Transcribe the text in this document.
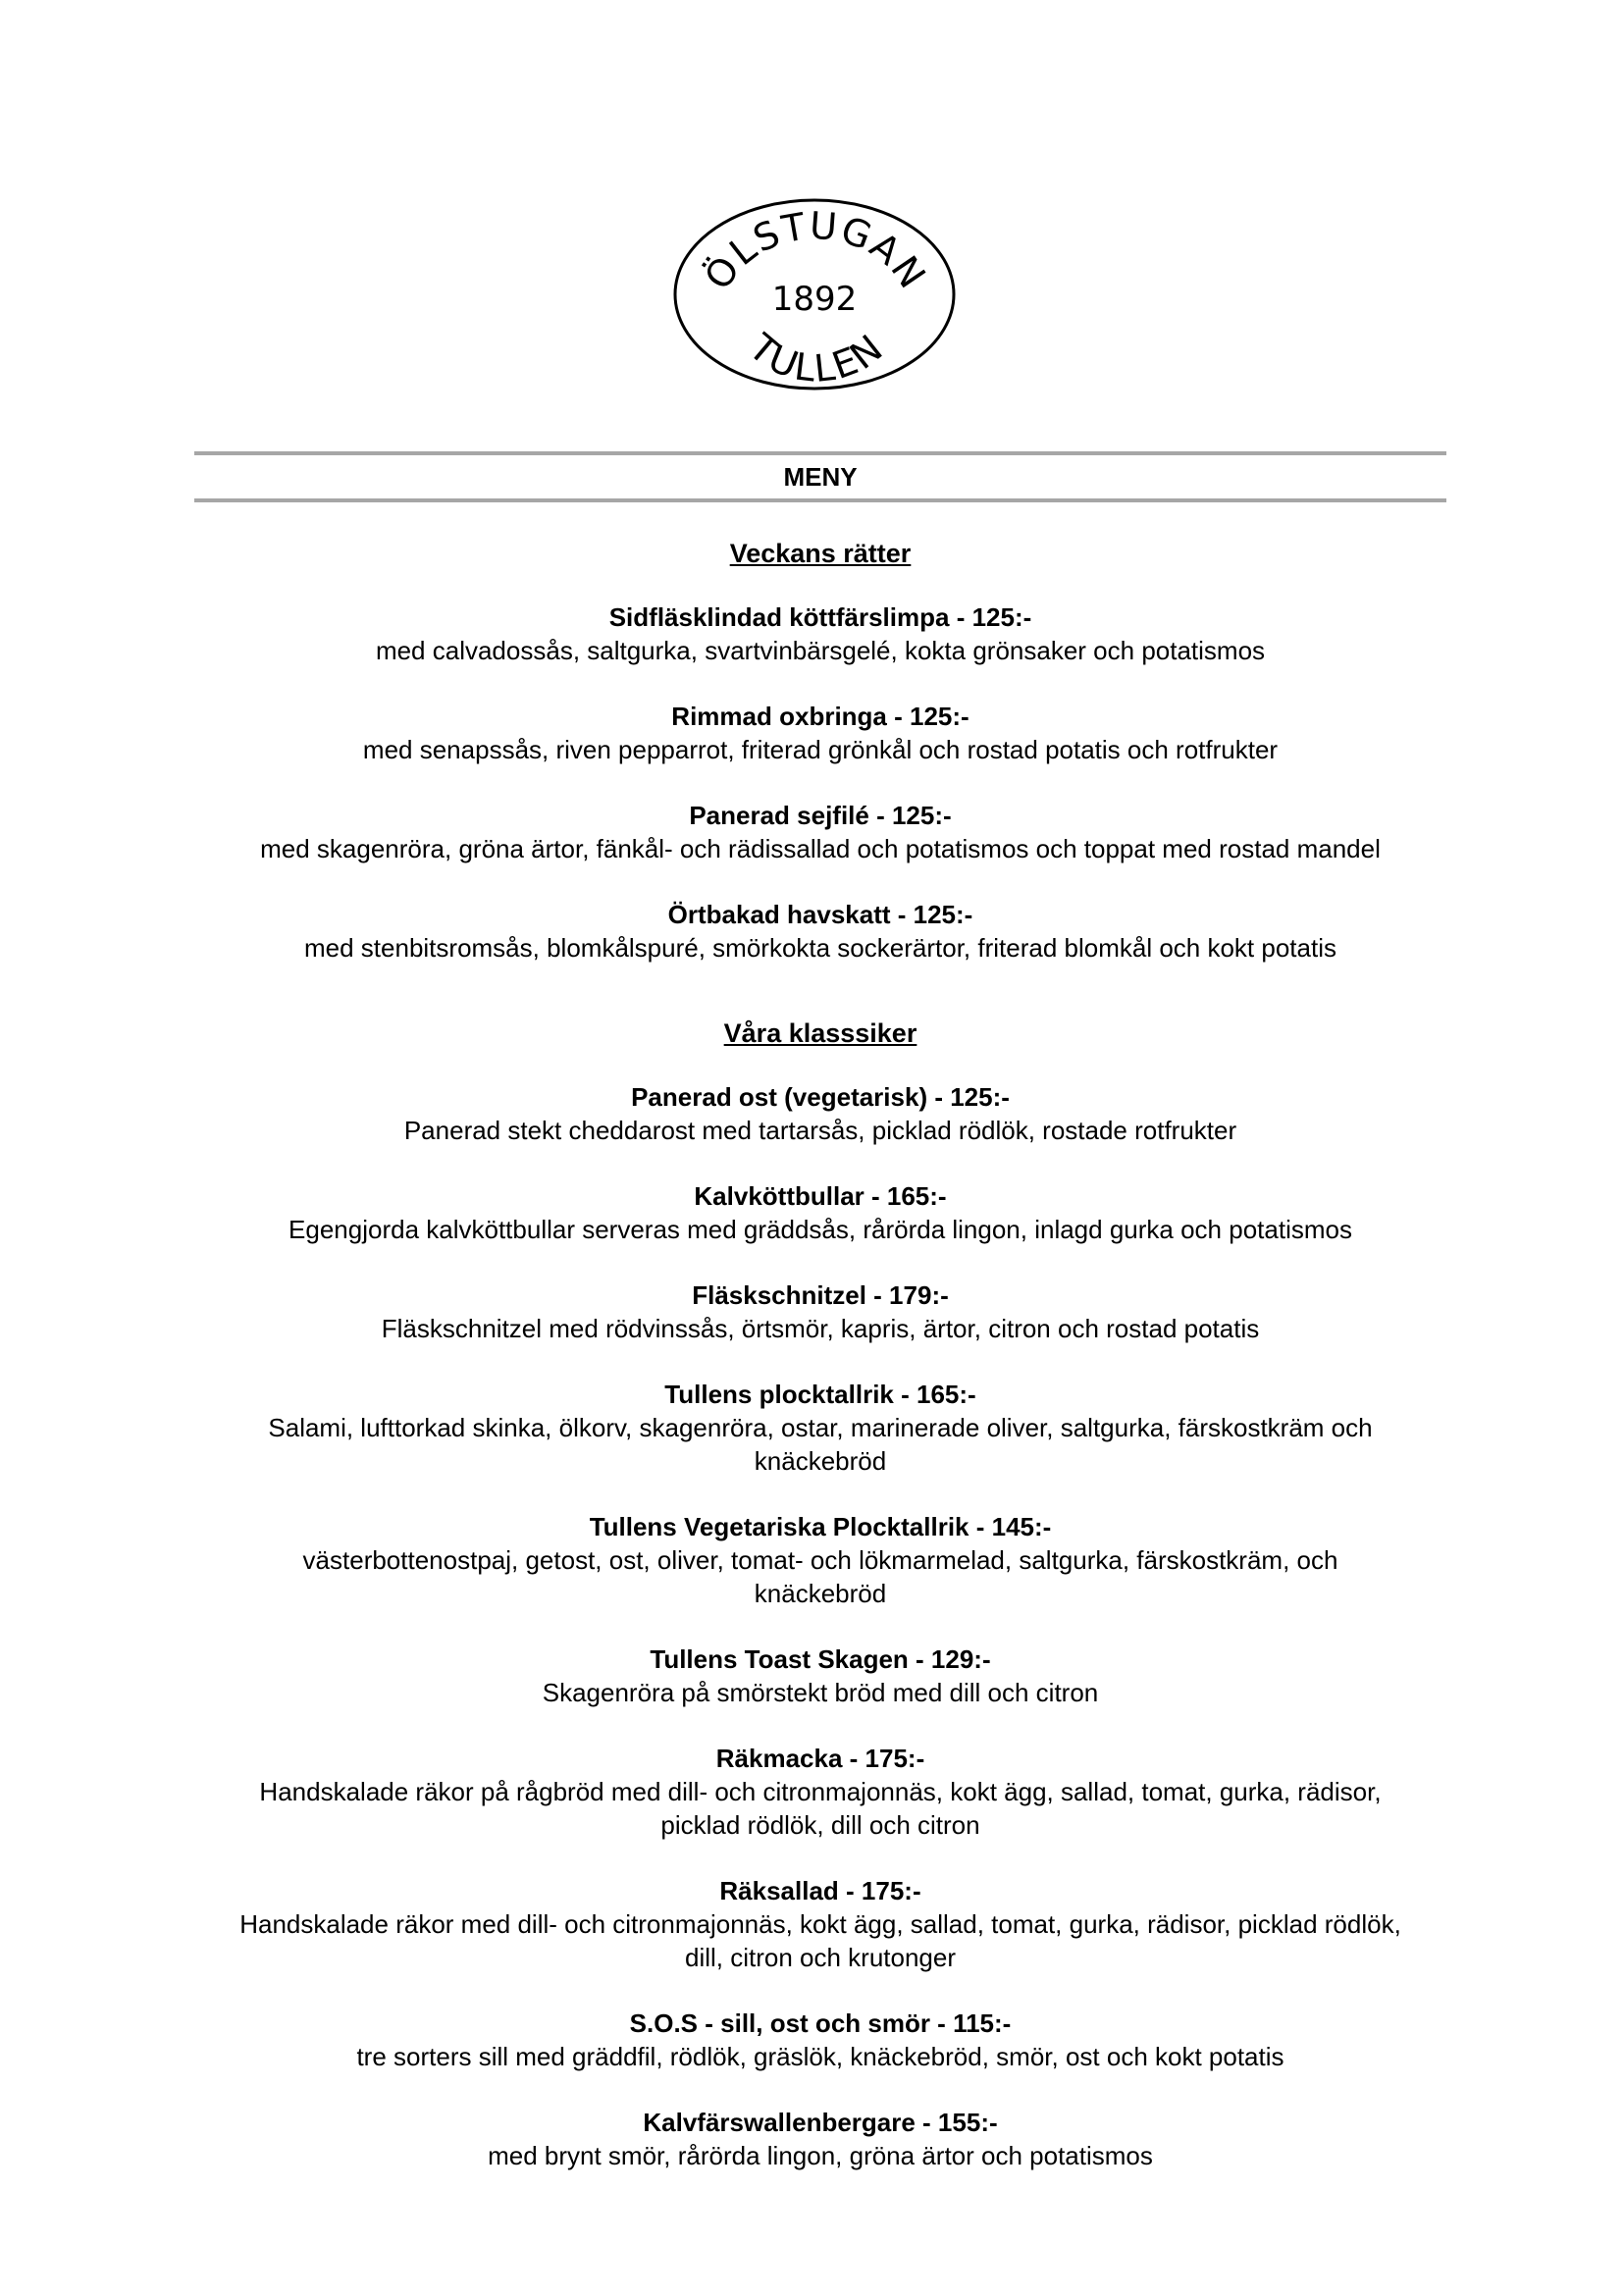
ÖLSTUGAN
1892
TULLEN
MENY
Veckans rätter
Sidfläsklindad köttfärslimpa - 125:-
med calvadossås, saltgurka, svartvinbärsgelé, kokta grönsaker och potatismos
Rimmad oxbringa - 125:-
med senapssås, riven pepparrot, friterad grönkål och rostad potatis och rotfrukter
Panerad sejfilé - 125:-
med skagenröra, gröna ärtor, fänkål- och rädissallad och potatismos och toppat med rostad mandel
Örtbakad havskatt - 125:-
med stenbitsromsås, blomkålspuré, smörkokta sockerärtor, friterad blomkål och kokt potatis
Våra klasssiker
Panerad ost (vegetarisk) - 125:-
Panerad stekt cheddarost med tartarsås, picklad rödlök, rostade rotfrukter
Kalvköttbullar - 165:-
Egengjorda kalvköttbullar serveras med gräddsås, rårörda lingon, inlagd gurka och potatismos
Fläskschnitzel - 179:-
Fläskschnitzel med rödvinssås, örtsmör, kapris, ärtor, citron och rostad potatis
Tullens plocktallrik - 165:-
Salami, lufttorkad skinka, ölkorv, skagenröra, ostar, marinerade oliver, saltgurka, färskostkräm och knäckebröd
Tullens Vegetariska Plocktallrik - 145:-
västerbottenostpaj, getost, ost, oliver, tomat- och lökmarmelad, saltgurka, färskostkräm, och knäckebröd
Tullens Toast Skagen - 129:-
Skagenröra på smörstekt bröd med dill och citron
Räkmacka - 175:-
Handskalade räkor på rågbröd med dill- och citronmajonnäs, kokt ägg, sallad, tomat, gurka, rädisor, picklad rödlök, dill och citron
Räksallad - 175:-
Handskalade räkor med dill- och citronmajonnäs, kokt ägg, sallad, tomat, gurka, rädisor, picklad rödlök, dill, citron och krutonger
S.O.S - sill, ost och smör - 115:-
tre sorters sill med gräddfil, rödlök, gräslök, knäckebröd, smör, ost och kokt potatis
Kalvfärswallenbergare - 155:-
med brynt smör, rårörda lingon, gröna ärtor och potatismos
